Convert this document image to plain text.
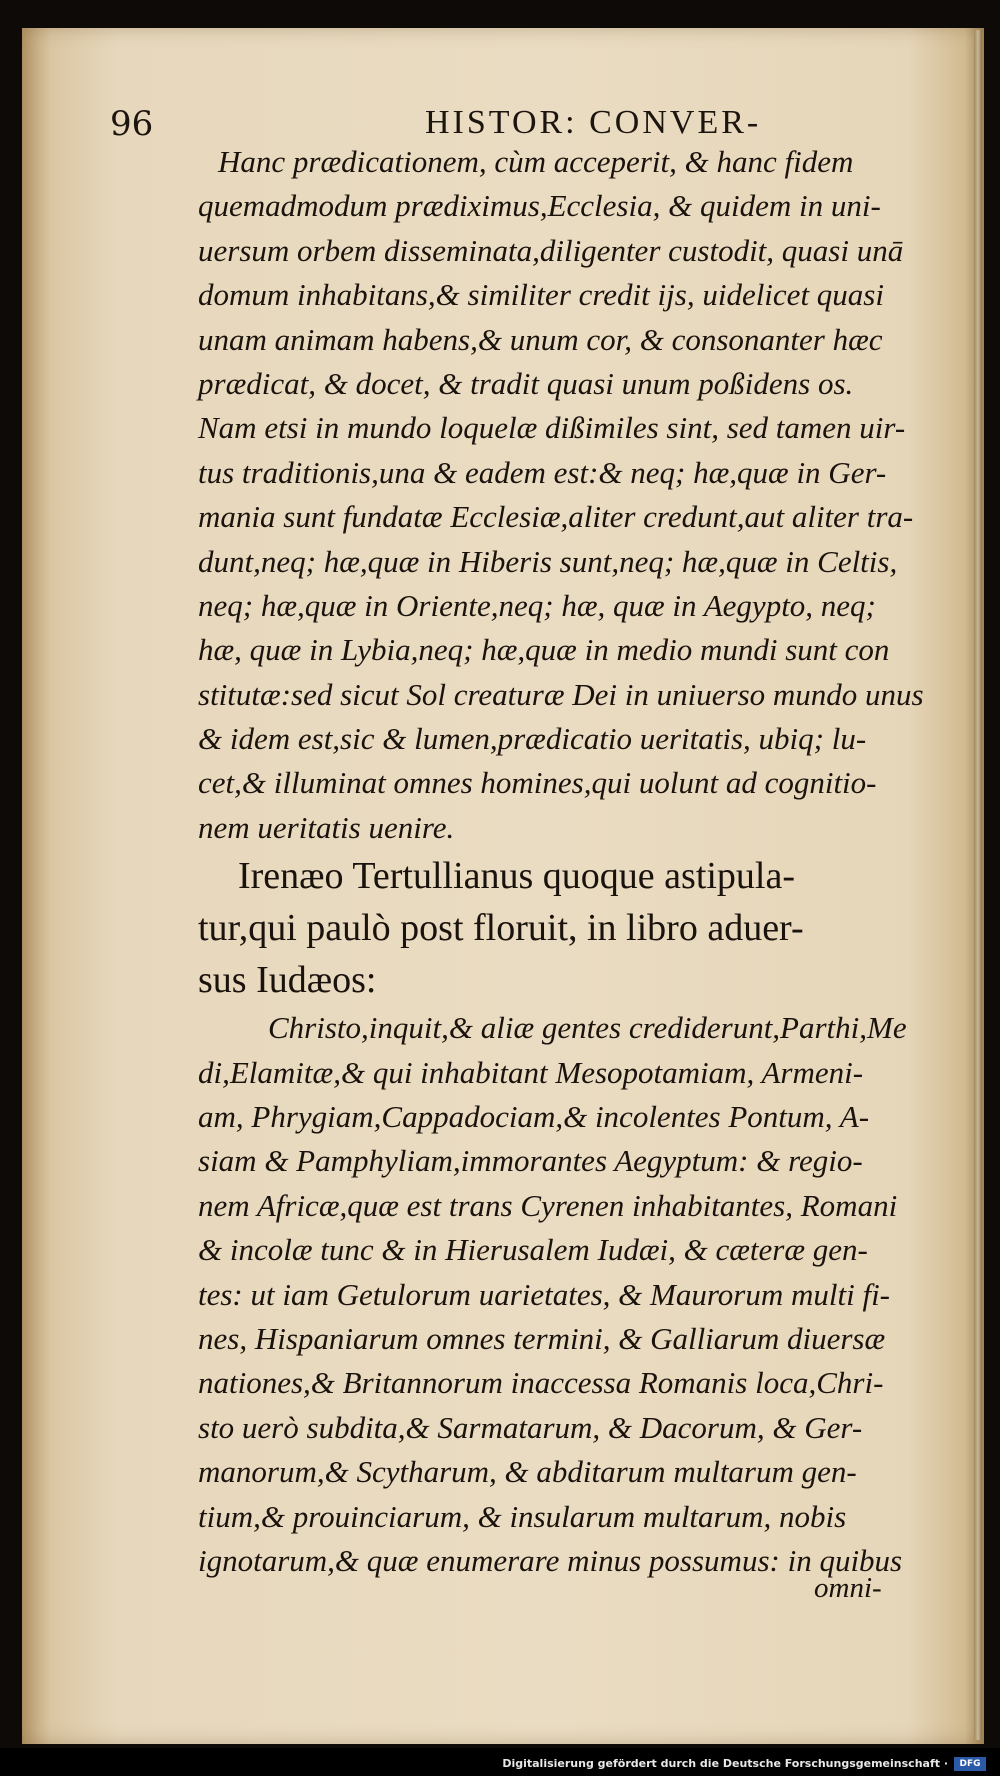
96	HISTOR: CONVER-
Hanc prædicationem, cùm acceperit, & hanc fidem
quemadmodum prædiximus,Ecclesia, & quidem in uni-
uersum orbem disseminata,diligenter custodit, quasi unā
domum inhabitans,& similiter credit ijs, uidelicet quasi
unam animam habens,& unum cor, & consonanter hæc
prædicat, & docet, & tradit quasi unum poßidens os.
Nam etsi in mundo loquelæ dißimiles sint, sed tamen uir-
tus traditionis,una & eadem est:& neq; hæ,quæ in Ger-
mania sunt fundatæ Ecclesiæ,aliter credunt,aut aliter tra-
dunt,neq; hæ,quæ in Hiberis sunt,neq; hæ,quæ in Celtis,
neq; hæ,quæ in Oriente,neq; hæ, quæ in Aegypto, neq;
hæ, quæ in Lybia,neq; hæ,quæ in medio mundi sunt con
stitutæ:sed sicut Sol creaturæ Dei in uniuerso mundo unus
& idem est,sic & lumen,prædicatio ueritatis, ubiq; lu-
cet,& illuminat omnes homines,qui uolunt ad cognitio-
nem ueritatis uenire.
Irenæo Tertullianus quoque astipula-
tur,qui paulò post floruit, in libro aduer-
sus Iudæos:
Christo,inquit,& aliæ gentes crediderunt,Parthi,Me
di,Elamitæ,& qui inhabitant Mesopotamiam, Armeni-
am, Phrygiam,Cappadociam,& incolentes Pontum, A-
siam & Pamphyliam,immorantes Aegyptum: & regio-
nem Africæ,quæ est trans Cyrenen inhabitantes, Romani
& incolæ tunc & in Hierusalem Iudæi, & cæteræ gen-
tes: ut iam Getulorum uarietates, & Maurorum multi fi-
nes, Hispaniarum omnes termini, & Galliarum diuersæ
nationes,& Britannorum inaccessa Romanis loca,Chri-
sto uerò subdita,& Sarmatarum, & Dacorum, & Ger-
manorum,& Scytharum, & abditarum multarum gen-
tium,& prouinciarum, & insularum multarum, nobis
ignotarum,& quæ enumerare minus possumus: in quibus
omni-
Digitalisierung gefördert durch die Deutsche Forschungsgemeinschaft ·	DFG
